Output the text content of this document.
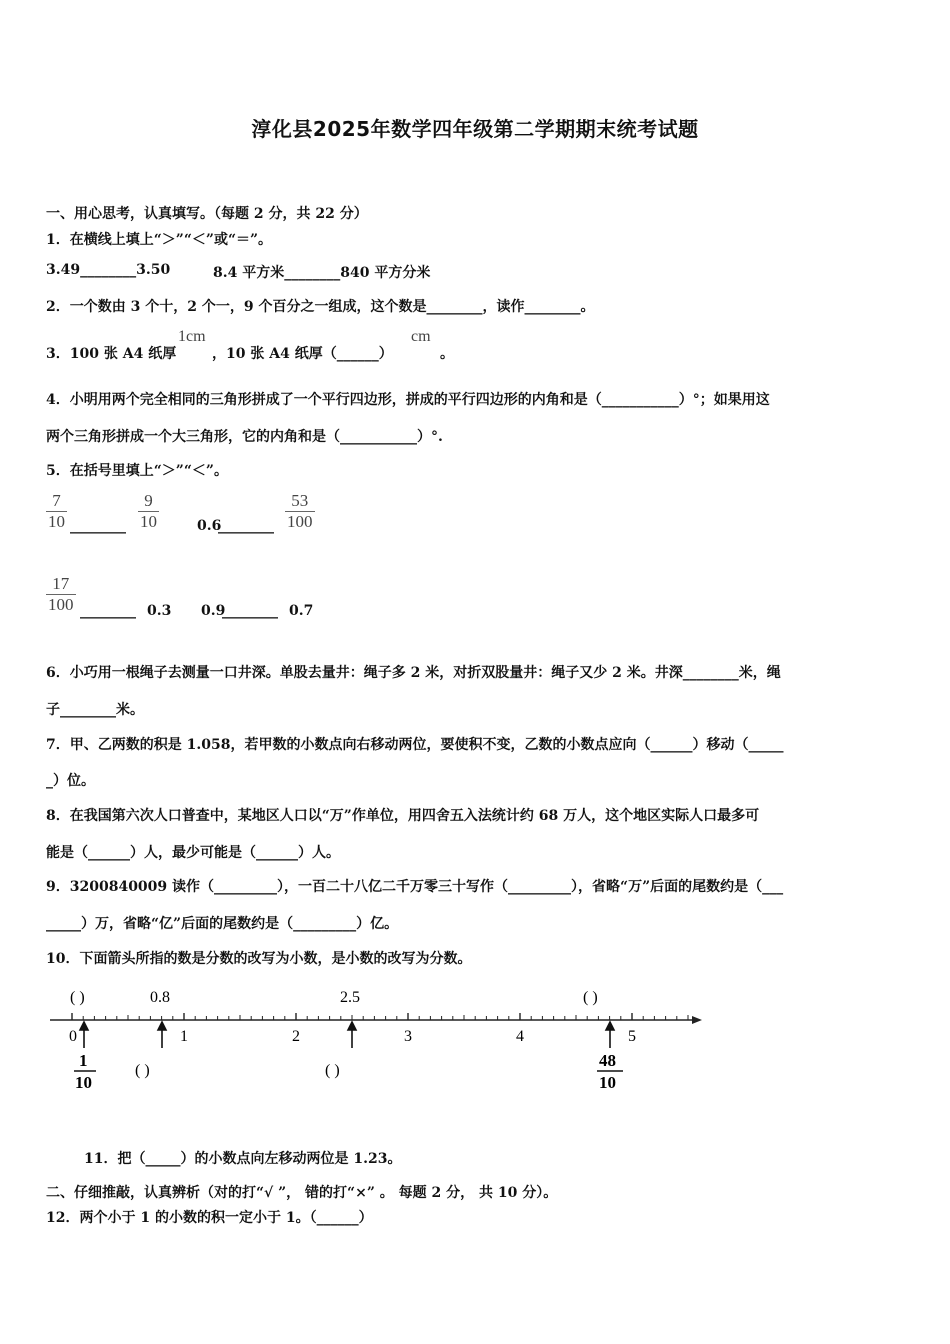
淳化县2025年数学四年级第二学期期末统考试题
一、用心思考，认真填写。（每题 2 分，共 22 分）
1．在横线上填上“＞”“＜”或“＝”。
3.49________3.50	8.4 平方米________840 平方分米
2．一个数由 3 个十，2 个一，9 个百分之一组成，这个数是________，读作________。
3．100 张 A4 纸厚
1cm
，10 张 A4 纸厚（______）
cm
。
4．小明用两个完全相同的三角形拼成了一个平行四边形，拼成的平行四边形的内角和是（___________）°；如果用这
两个三角形拼成一个大三角形，它的内角和是（___________）°.
5．在括号里填上“＞”“＜”。
$\frac{7}{10}$ ________ $\frac{9}{10}$	0.6
________ $\frac{53}{100}$
$\frac{17}{100}$ ________ 0.3 0.9
________ 0.7
6．小巧用一根绳子去测量一口井深。单股去量井：绳子多 2 米，对折双股量井：绳子又少 2 米。井深________米，绳
子________米。
7．甲、乙两数的积是 1.058，若甲数的小数点向右移动两位，要使积不变，乙数的小数点应向（______）移动（_____
_）位。
8．在我国第六次人口普查中，某地区人口以“万”作单位，用四舍五入法统计约 68 万人，这个地区实际人口最多可
能是（______）人，最少可能是（______）人。
9．3200840009 读作（_________），一百二十八亿二千万零三十写作（_________），省略“万”后面的尾数约是（___
_____）万，省略“亿”后面的尾数约是（_________）亿。
10．下面箭头所指的数是分数的改写为小数，是小数的改写为分数。
( )	0.8	2.5	( )
0	1	2	3	4	5
1
10
( )	( )
48
10
11．把（_____）的小数点向左移动两位是 1.23。
二、仔细推敲，认真辨析（对的打“√ ”， 错的打“×” 。 每题 2 分， 共 10 分）。
12．两个小于 1 的小数的积一定小于 1。（______）
